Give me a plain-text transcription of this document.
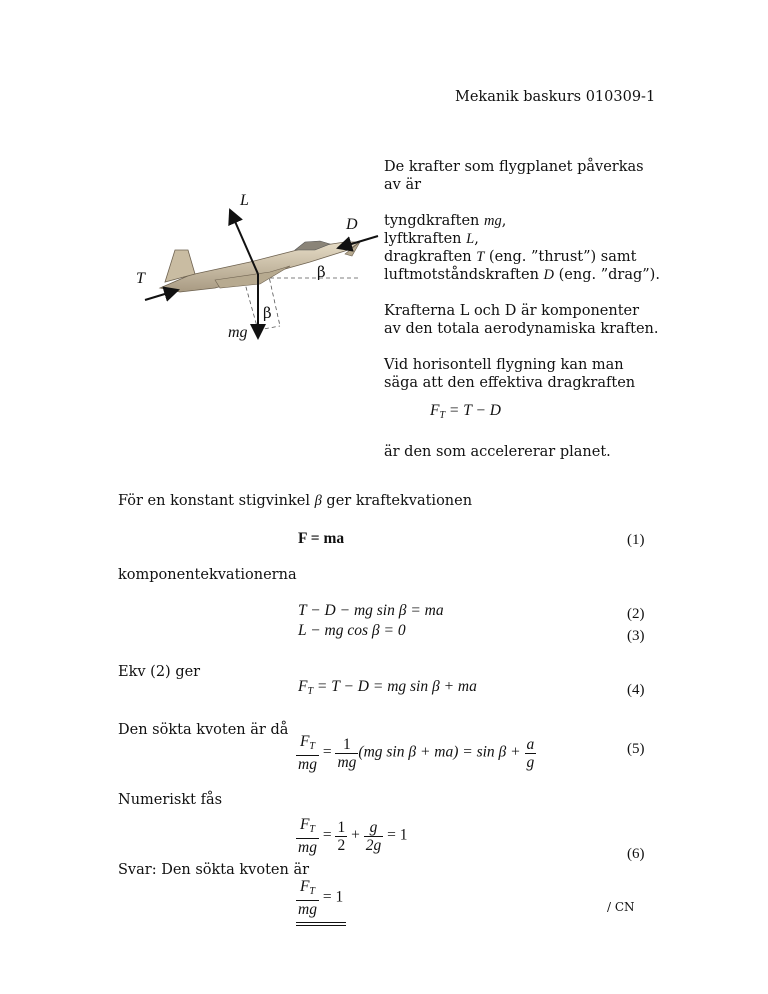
Mekanik baskurs 010309-1
L
D
T	β
β
mg

De krafter som flygplanet påverkas

av är

tyngdkraften mg,

lyftkraften L,

dragkraften T (eng. ”thrust”) samt

luftmotståndskraften D (eng. ”drag”).

Krafterna L och D är komponenter

av den totala aerodynamiska kraften.

Vid horisontell flygning kan man

säga att den effektiva dragkraften

$F_T = T - D$
är den som accelererar planet.
För en konstant stigvinkel β ger kraftekvationen
F = ma	(1)
komponentekvationerna
T − D − mg sin β = ma	(2)
L − mg cos β = 0	(3)
Ekv (2) ger
$F_T = T - D$ = mg sin β + ma	(4)
Den sökta kvoten är då
$\frac{F_T}{mg} = \frac{1}{mg} (mg$ $\sin \beta + ma) = \sin \beta + \frac{a}{g}$	(5)
Numeriskt fås
$\frac{F_T}{mg} = \frac{1}{2} + \frac{g}{2g} = 1$
(6)
Svar: Den sökta kvoten är
$\frac{F_T}{mg} = 1$
/ CN
